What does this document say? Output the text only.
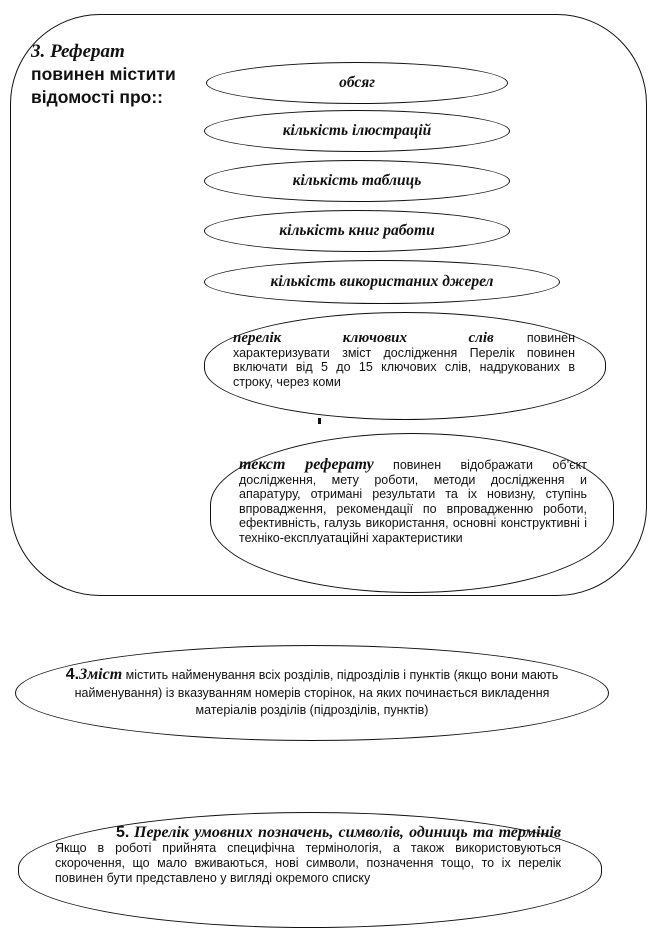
3. Реферат
повинен містити відомості про::
обсяг
кількість ілюстрацій
кількість таблиць
кількість книг работи
кількість використаних джерел
перелік ключових слів повинен характеризувати зміст дослідження Перелік повинен включати від 5 до 15 ключових слів, надрукованих в строку, через коми
текст реферату повинен відображати об’єкт дослідження, мету роботи, методи дослідження и апаратуру, отримані результати та іх новизну, ступінь впровадження, рекомендації по впровадженню роботи, ефективність, галузь використання, основні конструктивні і техніко-експлуатаційні характеристики
4.Зміст містить найменування всіх розділів, підрозділів і пунктів (якщо вони мають найменування) із вказуванням номерів сторінок, на яких починається викладення матеріалів розділів (підрозділів, пунктів)
5. Перелік умовних позначень, символів, одиниць та термінів Якщо в роботі прийнята специфічна термінологія, а також використовуються скорочення, що мало вживаються, нові символи, позначення тощо, то іх перелік повинен бути представлено у вигляді окремого списку
